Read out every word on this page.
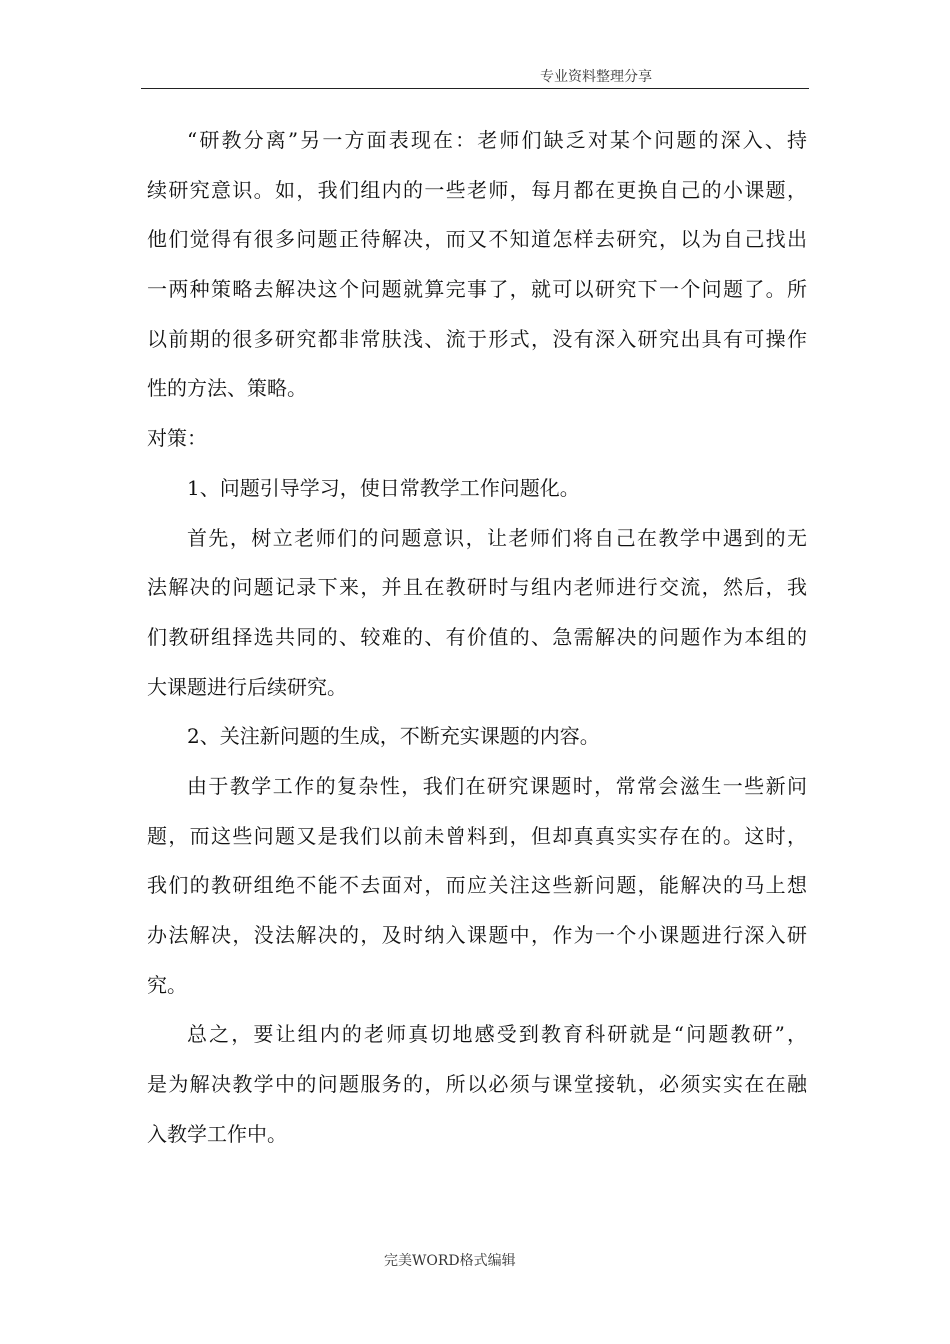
专业资料整理分享
“研教分离”另一方面表现在：老师们缺乏对某个问题的深入、持
续研究意识。如，我们组内的一些老师，每月都在更换自己的小课题，
他们觉得有很多问题正待解决，而又不知道怎样去研究，以为自己找出
一两种策略去解决这个问题就算完事了，就可以研究下一个问题了。所
以前期的很多研究都非常肤浅、流于形式，没有深入研究出具有可操作
性的方法、策略。
对策：
1、问题引导学习，使日常教学工作问题化。
首先，树立老师们的问题意识，让老师们将自己在教学中遇到的无
法解决的问题记录下来，并且在教研时与组内老师进行交流，然后，我
们教研组择选共同的、较难的、有价值的、急需解决的问题作为本组的
大课题进行后续研究。
2、关注新问题的生成，不断充实课题的内容。
由于教学工作的复杂性，我们在研究课题时，常常会滋生一些新问
题，而这些问题又是我们以前未曾料到，但却真真实实存在的。这时，
我们的教研组绝不能不去面对，而应关注这些新问题，能解决的马上想
办法解决，没法解决的，及时纳入课题中，作为一个小课题进行深入研
究。
总之，要让组内的老师真切地感受到教育科研就是“问题教研”，
是为解决教学中的问题服务的，所以必须与课堂接轨，必须实实在在融
入教学工作中。
完美WORD格式编辑
